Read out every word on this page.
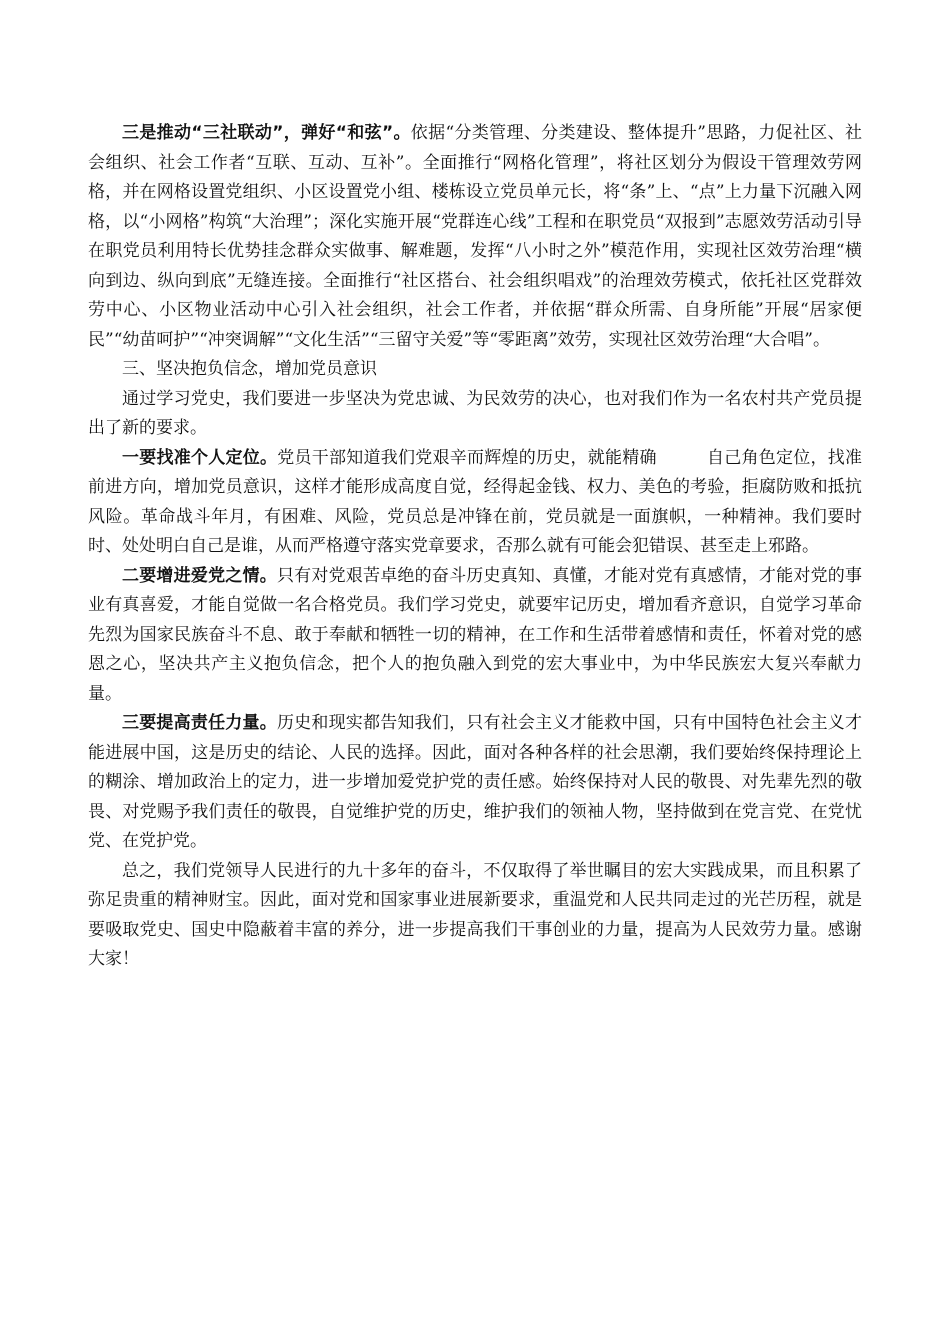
三是推动“三社联动”，弹好“和弦”。依据“分类管理、分类建设、整体提升”思路，力促社区、社会组织、社会工作者“互联、互动、互补”。全面推行“网格化管理”，将社区划分为假设干管理效劳网格，并在网格设置党组织、小区设置党小组、楼栋设立党员单元长，将“条”上、“点”上力量下沉融入网格，以“小网格”构筑“大治理”；深化实施开展“党群连心线”工程和在职党员“双报到”志愿效劳活动引导在职党员利用特长优势挂念群众实做事、解难题，发挥“八小时之外”模范作用，实现社区效劳治理“横向到边、纵向到底”无缝连接。全面推行“社区搭台、社会组织唱戏”的治理效劳模式，依托社区党群效劳中心、小区物业活动中心引入社会组织，社会工作者，并依据“群众所需、自身所能”开展“居家便民”“幼苗呵护”“冲突调解”“文化生活”“三留守关爱”等“零距离”效劳，实现社区效劳治理“大合唱”。

三、坚决抱负信念，增加党员意识

通过学习党史，我们要进一步坚决为党忠诚、为民效劳的决心，也对我们作为一名农村共产党员提出了新的要求。

一要找准个人定位。党员干部知道我们党艰辛而辉煌的历史，就能精确	自己角色定位，找准前进方向，增加党员意识，这样才能形成高度自觉，经得起金钱、权力、美色的考验，拒腐防败和抵抗风险。革命战斗年月，有困难、风险，党员总是冲锋在前，党员就是一面旗帜，一种精神。我们要时时、处处明白自己是谁，从而严格遵守落实党章要求，否那么就有可能会犯错误、甚至走上邪路。

二要增进爱党之情。只有对党艰苦卓绝的奋斗历史真知、真懂，才能对党有真感情，才能对党的事业有真喜爱，才能自觉做一名合格党员。我们学习党史，就要牢记历史，增加看齐意识，自觉学习革命先烈为国家民族奋斗不息、敢于奉献和牺牲一切的精神，在工作和生活带着感情和责任，怀着对党的感恩之心，坚决共产主义抱负信念，把个人的抱负融入到党的宏大事业中，为中华民族宏大复兴奉献力量。

三要提高责任力量。历史和现实都告知我们，只有社会主义才能救中国，只有中国特色社会主义才能进展中国，这是历史的结论、人民的选择。因此，面对各种各样的社会思潮，我们要始终保持理论上的糊涂、增加政治上的定力，进一步增加爱党护党的责任感。始终保持对人民的敬畏、对先辈先烈的敬畏、对党赐予我们责任的敬畏，自觉维护党的历史，维护我们的领袖人物，坚持做到在党言党、在党忧党、在党护党。

总之，我们党领导人民进行的九十多年的奋斗，不仅取得了举世瞩目的宏大实践成果，而且积累了弥足贵重的精神财宝。因此，面对党和国家事业进展新要求，重温党和人民共同走过的光芒历程，就是要吸取党史、国史中隐蔽着丰富的养分，进一步提高我们干事创业的力量，提高为人民效劳力量。感谢大家！
